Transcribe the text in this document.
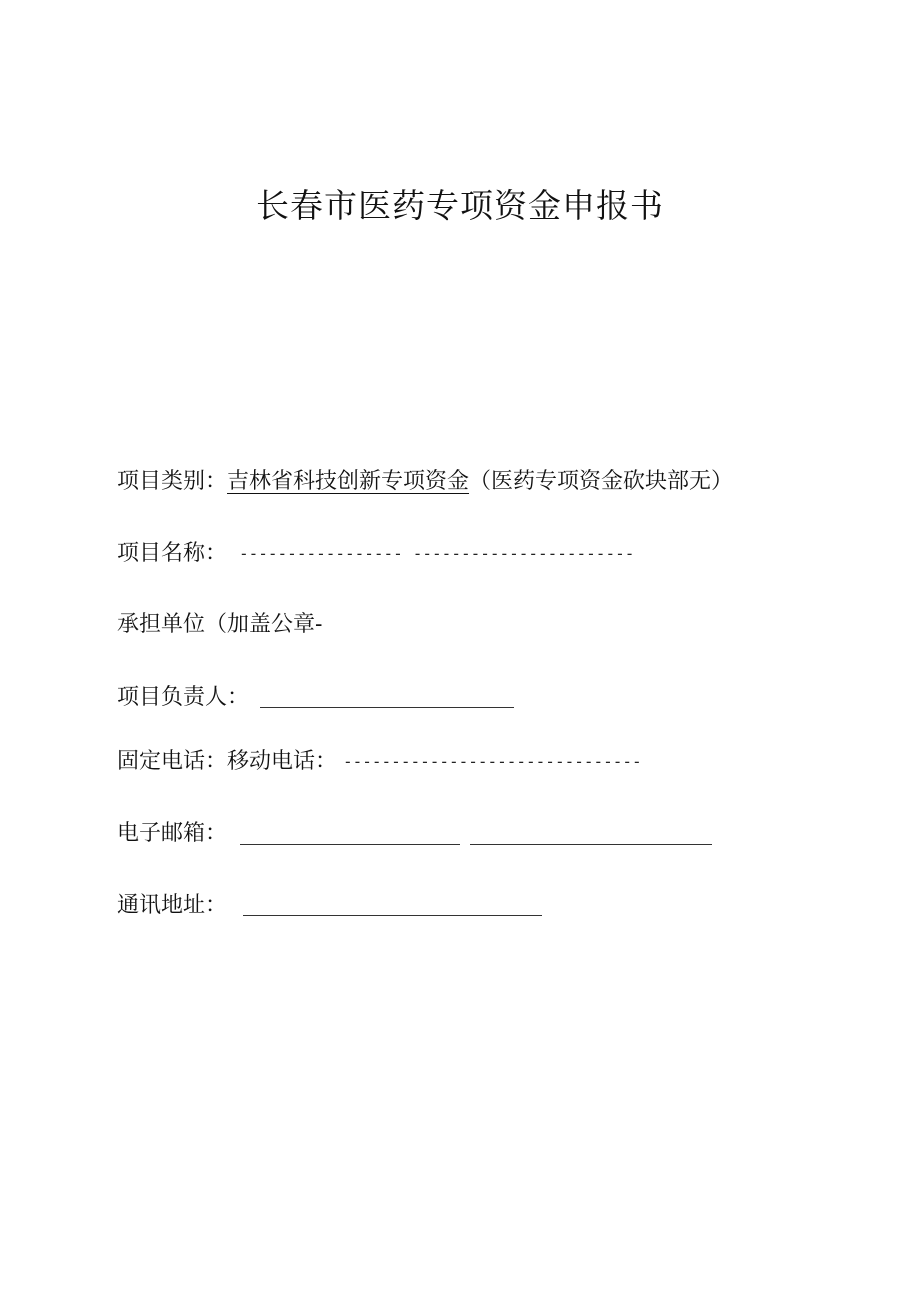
长春市医药专项资金申报书
项目类别：吉林省科技创新专项资金（医药专项资金砍块部无）
项目名称： ----------------- -----------------------
承担单位（加盖公章-
项目负责人：
固定电话：移动电话： -------------------------------
电子邮箱：
通讯地址：
